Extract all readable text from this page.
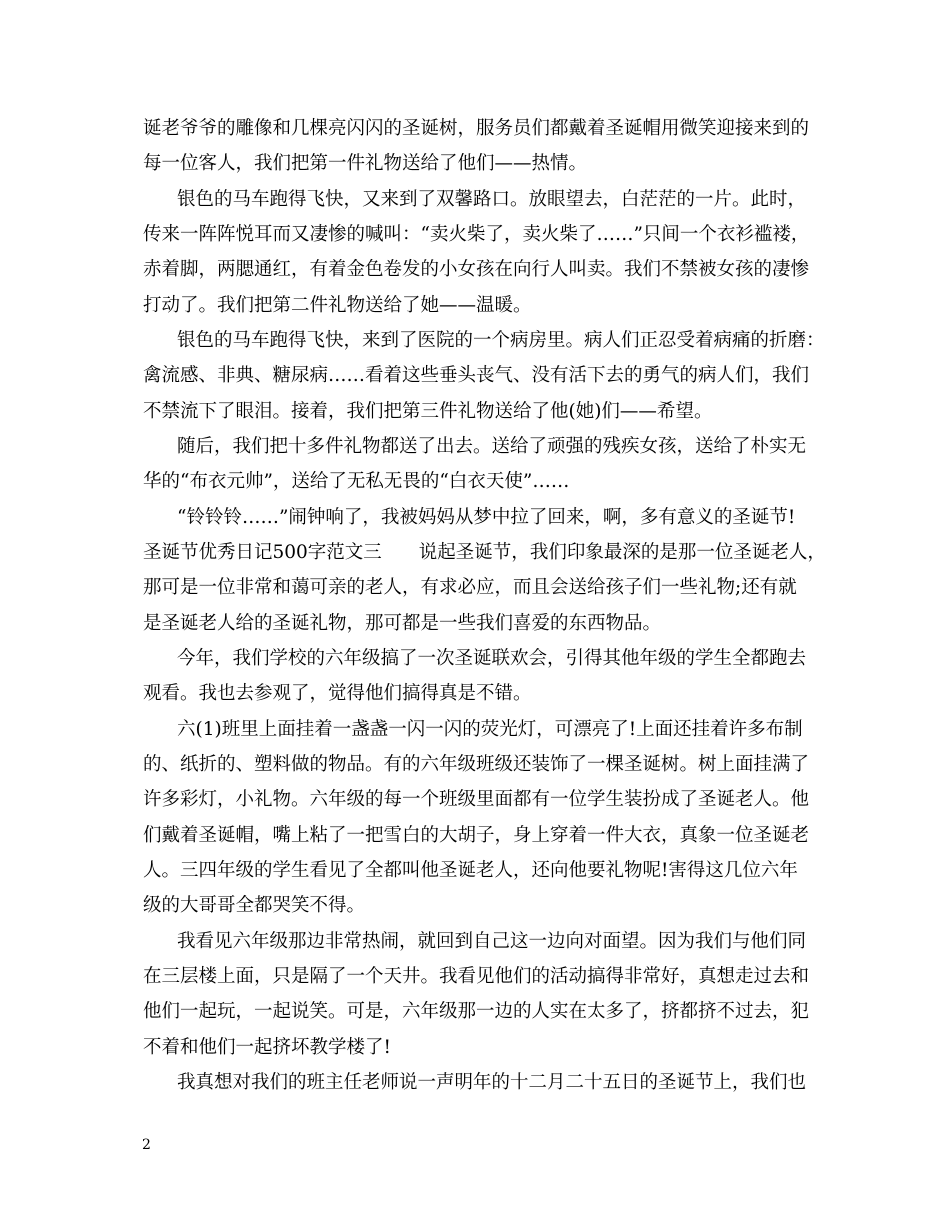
诞老爷爷的雕像和几棵亮闪闪的圣诞树，服务员们都戴着圣诞帽用微笑迎接来到的
每一位客人，我们把第一件礼物送给了他们——热情。
银色的马车跑得飞快，又来到了双馨路口。放眼望去，白茫茫的一片。此时，
传来一阵阵悦耳而又凄惨的喊叫：“卖火柴了，卖火柴了……”只间一个衣衫褴褛，
赤着脚，两腮通红，有着金色卷发的小女孩在向行人叫卖。我们不禁被女孩的凄惨
打动了。我们把第二件礼物送给了她——温暖。
银色的马车跑得飞快，来到了医院的一个病房里。病人们正忍受着病痛的折磨：
禽流感、非典、糖尿病……看着这些垂头丧气、没有活下去的勇气的病人们，我们
不禁流下了眼泪。接着，我们把第三件礼物送给了他(她)们——希望。
随后，我们把十多件礼物都送了出去。送给了顽强的残疾女孩，送给了朴实无
华的“布衣元帅”，送给了无私无畏的“白衣天使”……
“铃铃铃……”闹钟响了，我被妈妈从梦中拉了回来，啊，多有意义的圣诞节!
圣诞节优秀日记500字范文三　　说起圣诞节，我们印象最深的是那一位圣诞老人，
那可是一位非常和蔼可亲的老人，有求必应，而且会送给孩子们一些礼物;还有就
是圣诞老人给的圣诞礼物，那可都是一些我们喜爱的东西物品。
今年，我们学校的六年级搞了一次圣诞联欢会，引得其他年级的学生全都跑去
观看。我也去参观了，觉得他们搞得真是不错。
六(1)班里上面挂着一盏盏一闪一闪的荧光灯，可漂亮了!上面还挂着许多布制
的、纸折的、塑料做的物品。有的六年级班级还装饰了一棵圣诞树。树上面挂满了
许多彩灯，小礼物。六年级的每一个班级里面都有一位学生装扮成了圣诞老人。他
们戴着圣诞帽，嘴上粘了一把雪白的大胡子，身上穿着一件大衣，真象一位圣诞老
人。三四年级的学生看见了全都叫他圣诞老人，还向他要礼物呢!害得这几位六年
级的大哥哥全都哭笑不得。
我看见六年级那边非常热闹，就回到自己这一边向对面望。因为我们与他们同
在三层楼上面，只是隔了一个天井。我看见他们的活动搞得非常好，真想走过去和
他们一起玩，一起说笑。可是，六年级那一边的人实在太多了，挤都挤不过去，犯
不着和他们一起挤坏教学楼了!
我真想对我们的班主任老师说一声明年的十二月二十五日的圣诞节上，我们也
2
